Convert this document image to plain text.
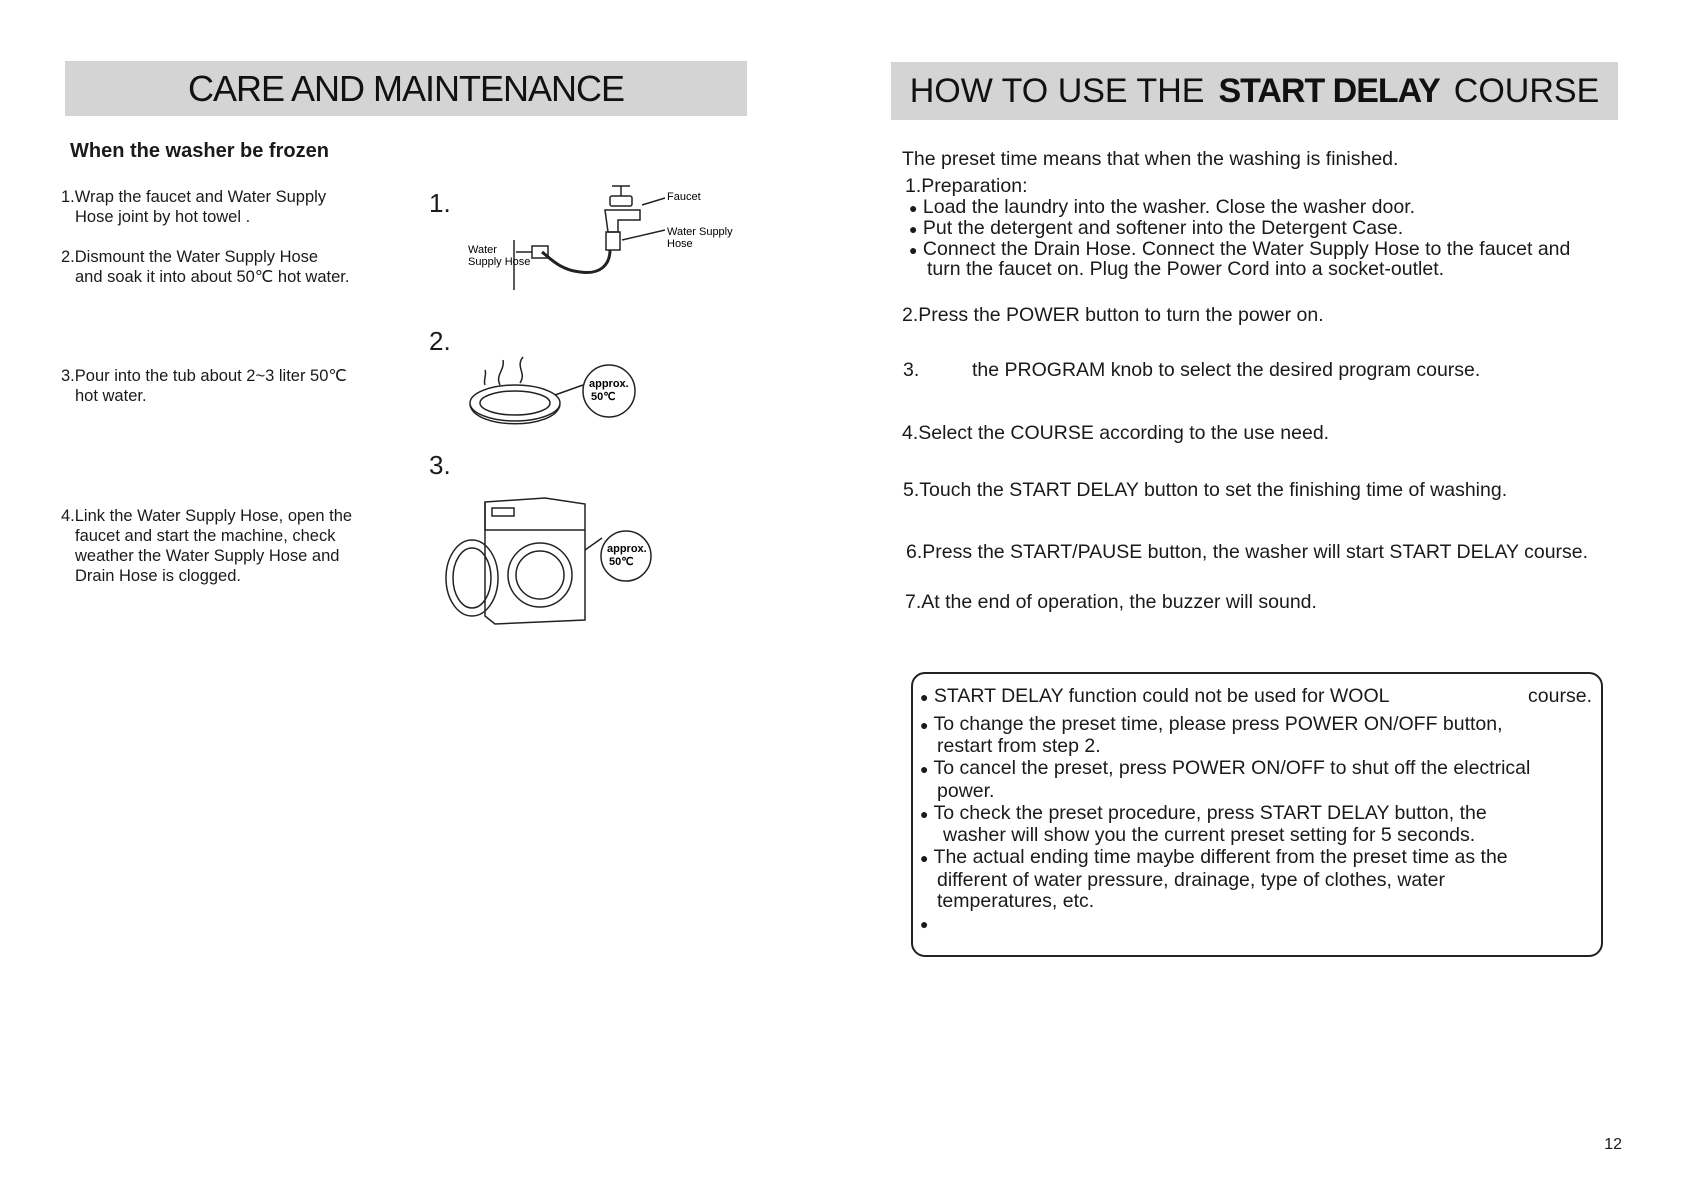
CARE AND MAINTENANCE
When the washer be frozen
1.Wrap the faucet and Water Supply
Hose joint by hot towel .
2.Dismount the Water Supply Hose
and soak it into about 50℃ hot water.
3.Pour into the tub about 2~3 liter 50℃
hot water.
4.Link the Water Supply Hose, open the
faucet and start the machine, check
weather the Water Supply Hose and
Drain Hose is clogged.
1.
2.
3.
Faucet
Water Supply
Hose
Water
Supply Hose
approx.
50℃
approx.
50℃
HOW TO USE THE START DELAY COURSE
The preset time means that when the washing is finished.
1.Preparation:
● Load the laundry into the washer. Close the washer door.
● Put the detergent and softener into the Detergent Case.
● Connect the Drain Hose. Connect the Water Supply Hose to the faucet and
turn the faucet on. Plug the Power Cord into a socket-outlet.
2.Press the POWER button to turn the power on.
3.	the PROGRAM knob to select the desired program course.
4.Select the COURSE according to the use need.
5.Touch the START DELAY button to set the finishing time of washing.
6.Press the START/PAUSE button, the washer will start START DELAY course.
7.At the end of operation, the buzzer will sound.
● START DELAY function could not be used for WOOL	course.
● To change the preset time, please press POWER ON/OFF button,
restart from step 2.
● To cancel the preset, press POWER ON/OFF to shut off the electrical
power.
● To check the preset procedure, press START DELAY button, the
washer will show you the current preset setting for 5 seconds.
● The actual ending time maybe different from the preset time as the
different of water pressure, drainage, type of clothes, water
temperatures, etc.
●
12
